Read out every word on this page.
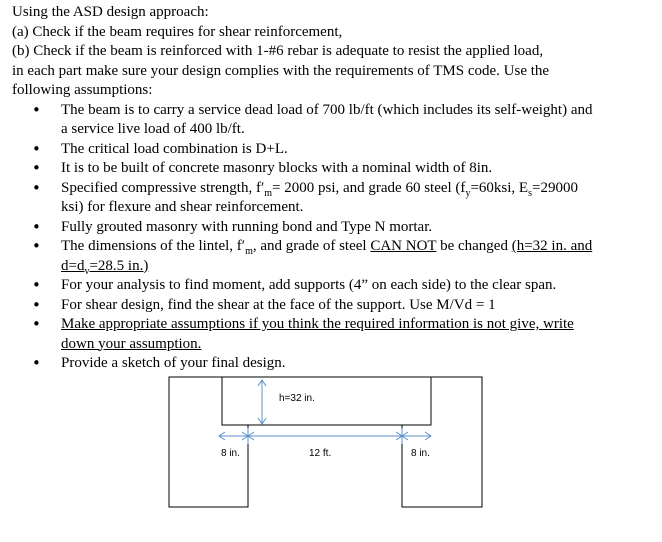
Using the ASD design approach:

(a) Check if the beam requires for shear reinforcement,

(b) Check if the beam is reinforced with 1-#6 rebar is adequate to resist the applied load,

in each part make sure your design complies with the requirements of TMS code. Use the

following assumptions:

• The beam is to carry a service dead load of 700 lb/ft (which includes its self-weight) and
a service live load of 400 lb/ft.
• The critical load combination is D+L.
• It is to be built of concrete masonry blocks with a nominal width of 8in.
• Specified compressive strength, $f'_m= 2000$ psi, and grade 60 steel ($f_y=60ksi$, $E_s=29000$
ksi) for flexure and shear reinforcement.
• Fully grouted masonry with running bond and Type N mortar.
• The dimensions of the lintel, $f'_m$, and grade of steel CAN NOT be changed (h=32 in. and
$d=d_v=28.5$ in.)
• For your analysis to find moment, add supports (4” on each side) to the clear span.
• For shear design, find the shear at the face of the support. Use M/Vd = 1
• Make appropriate assumptions if you think the required information is not give, write
down your assumption.
• Provide a sketch of your final design.
h=32 in.
8 in.	12 ft.	8 in.
